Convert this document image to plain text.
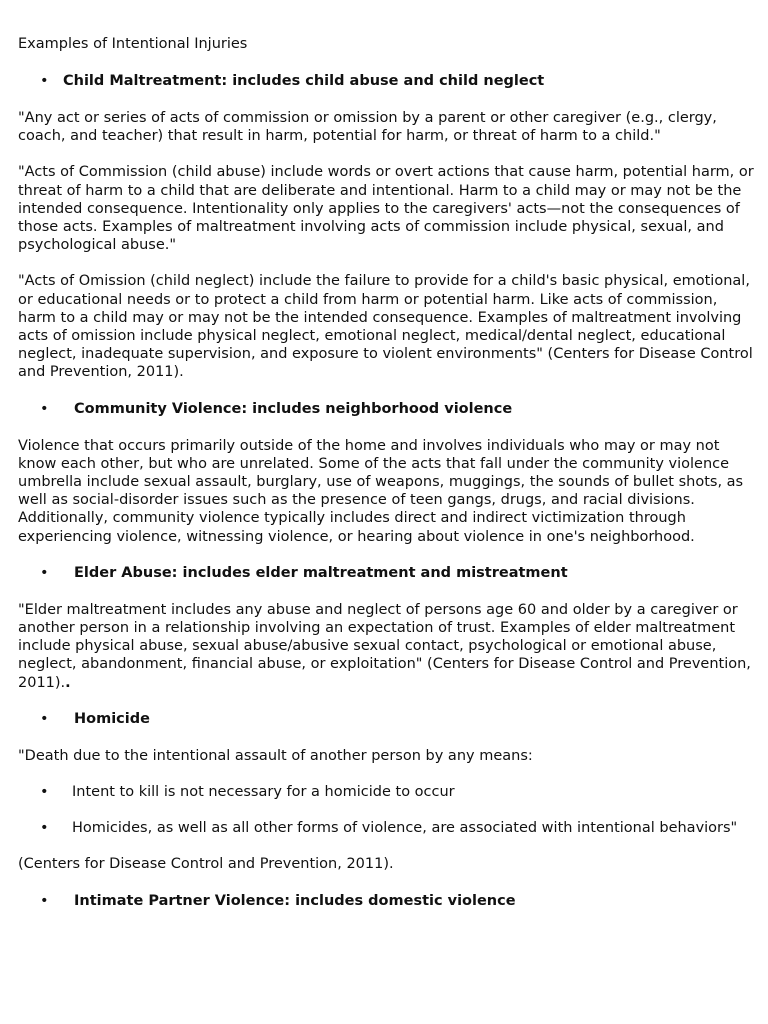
Examples of Intentional Injuries
• Child Maltreatment: includes child abuse and child neglect

"Any act or series of acts of commission or omission by a parent or other caregiver (e.g., clergy, coach, and teacher) that result in harm, potential for harm, or threat of harm to a child."

"Acts of Commission (child abuse) include words or overt actions that cause harm, potential harm, or threat of harm to a child that are deliberate and intentional. Harm to a child may or may not be the intended consequence. Intentionality only applies to the caregivers' acts—not the consequences of those acts. Examples of maltreatment involving acts of commission include physical, sexual, and psychological abuse."

"Acts of Omission (child neglect) include the failure to provide for a child's basic physical, emotional, or educational needs or to protect a child from harm or potential harm. Like acts of commission, harm to a child may or may not be the intended consequence. Examples of maltreatment involving acts of omission include physical neglect, emotional neglect, medical/dental neglect, educational neglect, inadequate supervision, and exposure to violent environments" (Centers for Disease Control and Prevention, 2011).

•	Community Violence: includes neighborhood violence

Violence that occurs primarily outside of the home and involves individuals who may or may not know each other, but who are unrelated. Some of the acts that fall under the community violence umbrella include sexual assault, burglary, use of weapons, muggings, the sounds of bullet shots, as well as social-disorder issues such as the presence of teen gangs, drugs, and racial divisions. Additionally, community violence typically includes direct and indirect victimization through experiencing violence, witnessing violence, or hearing about violence in one's neighborhood.

•	Elder Abuse: includes elder maltreatment and mistreatment

"Elder maltreatment includes any abuse and neglect of persons age 60 and older by a caregiver or another person in a relationship involving an expectation of trust. Examples of elder maltreatment include physical abuse, sexual abuse/abusive sexual contact, psychological or emotional abuse, neglect, abandonment, financial abuse, or exploitation" (Centers for Disease Control and Prevention, 2011)..

•	Homicide

"Death due to the intentional assault of another person by any means:

•	Intent to kill is not necessary for a homicide to occur
•	Homicides, as well as all other forms of violence, are associated with intentional behaviors"

(Centers for Disease Control and Prevention, 2011).

•	Intimate Partner Violence: includes domestic violence
